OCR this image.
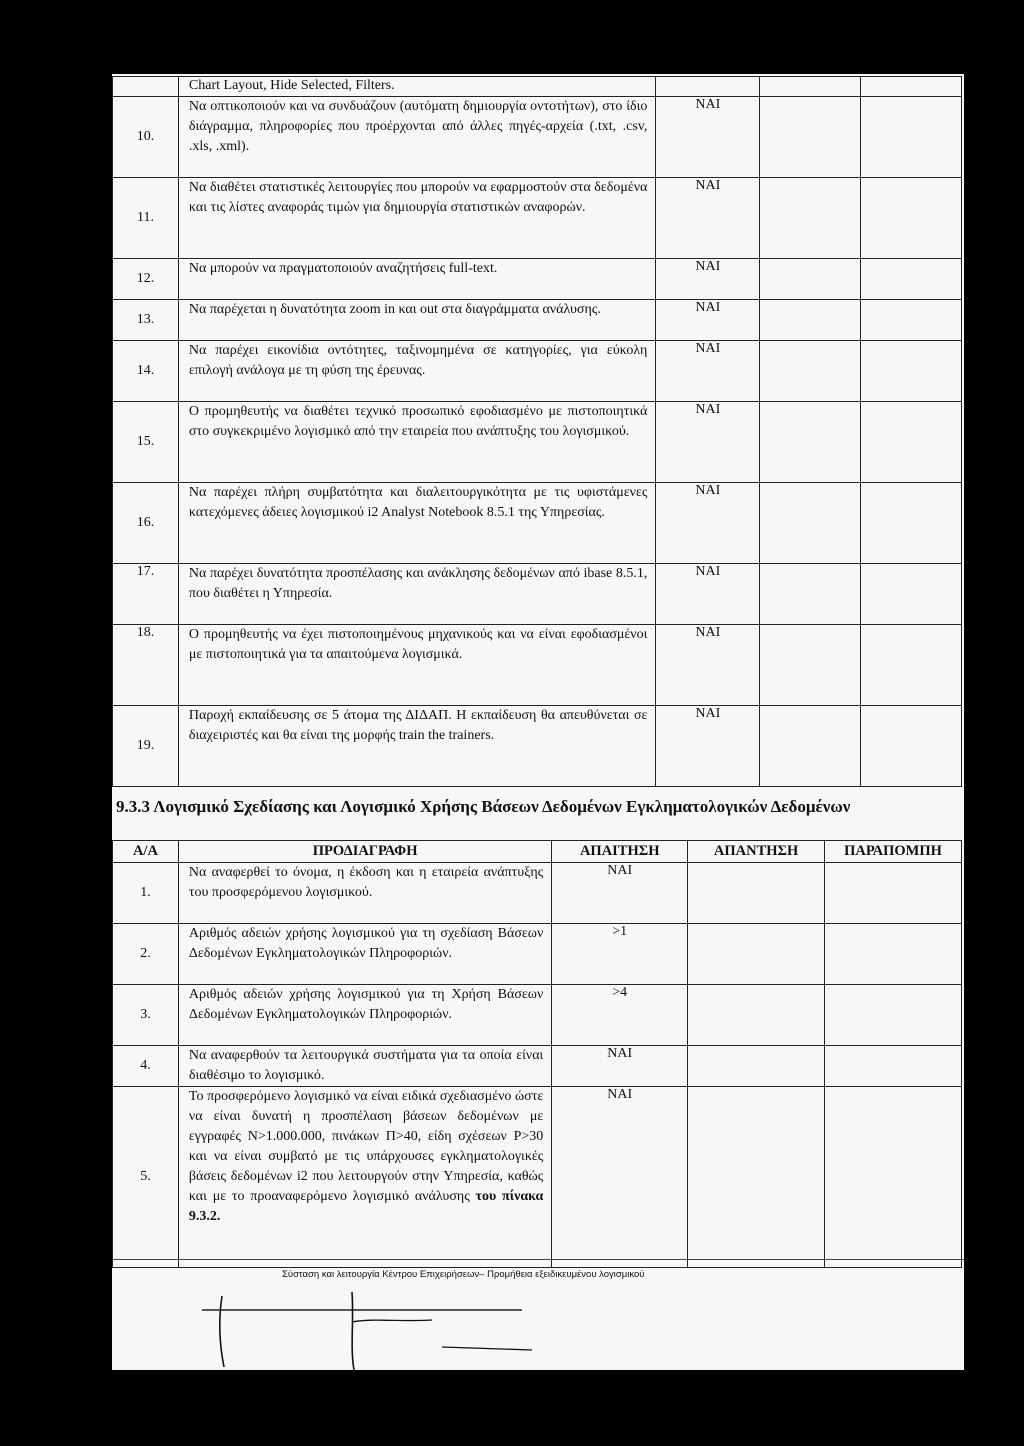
	Chart Layout, Hide Selected, Filters.			
10.	Να οπτικοποιούν και να συνδυάζουν (αυτόματη δημιουργία οντοτήτων), στο ίδιο διάγραμμα, πληροφορίες που προέρχονται από άλλες πηγές-αρχεία (.txt, .csv, .xls, .xml).	ΝΑΙ		
11.	Να διαθέτει στατιστικές λειτουργίες που μπορούν να εφαρμοστούν στα δεδομένα και τις λίστες αναφοράς τιμών για δημιουργία στατιστικών αναφορών.	ΝΑΙ		
12.	Να μπορούν να πραγματοποιούν αναζητήσεις full-text.	ΝΑΙ		
13.	Να παρέχεται η δυνατότητα zoom in και out στα διαγράμματα ανάλυσης.	ΝΑΙ		
14.	Να παρέχει εικονίδια οντότητες, ταξινομημένα σε κατηγορίες, για εύκολη επιλογή ανάλογα με τη φύση της έρευνας.	ΝΑΙ		
15.	Ο προμηθευτής να διαθέτει τεχνικό προσωπικό εφοδιασμένο με πιστοποιητικά στο συγκεκριμένο λογισμικό από την εταιρεία που ανάπτυξης του λογισμικού.	ΝΑΙ		
16.	Να παρέχει πλήρη συμβατότητα και διαλειτουργικότητα με τις υφιστάμενες κατεχόμενες άδειες λογισμικού i2 Analyst Notebook 8.5.1 της Υπηρεσίας.	ΝΑΙ		
17.	Να παρέχει δυνατότητα προσπέλασης και ανάκλησης δεδομένων από ibase 8.5.1, που διαθέτει η Υπηρεσία.	ΝΑΙ		
18.	Ο προμηθευτής να έχει πιστοποιημένους μηχανικούς και να είναι εφοδιασμένοι με πιστοποιητικά για τα απαιτούμενα λογισμικά.	ΝΑΙ		
19.	Παροχή εκπαίδευσης σε 5 άτομα της ΔΙΔΑΠ. Η εκπαίδευση θα απευθύνεται σε διαχειριστές και θα είναι της μορφής train the trainers.	ΝΑΙ		
9.3.3 Λογισμικό Σχεδίασης και Λογισμικό Χρήσης Βάσεων Δεδομένων Εγκληματολογικών Δεδομένων
Α/Α	ΠΡΟΔΙΑΓΡΑΦΗ	ΑΠΑΙΤΗΣΗ	ΑΠΑΝΤΗΣΗ	ΠΑΡΑΠΟΜΠΗ
1.	Να αναφερθεί το όνομα, η έκδοση και η εταιρεία ανάπτυξης του προσφερόμενου λογισμικού.	ΝΑΙ		
2.	Αριθμός αδειών χρήσης λογισμικού για τη σχεδίαση Βάσεων Δεδομένων Εγκληματολογικών Πληροφοριών.	>1		
3.	Αριθμός αδειών χρήσης λογισμικού για τη Χρήση Βάσεων Δεδομένων Εγκληματολογικών Πληροφοριών.	>4		
4.	Να αναφερθούν τα λειτουργικά συστήματα για τα οποία είναι διαθέσιμο το λογισμικό.	ΝΑΙ		
5.	Το προσφερόμενο λογισμικό να είναι ειδικά σχεδιασμένο ώστε να είναι δυνατή η προσπέλαση βάσεων δεδομένων με εγγραφές Ν>1.000.000, πινάκων Π>40, είδη σχέσεων Ρ>30 και να είναι συμβατό με τις υπάρχουσες εγκληματολογικές βάσεις δεδομένων i2 που λειτουργούν στην Υπηρεσία, καθώς και με το προαναφερόμενο λογισμικό ανάλυσης του πίνακα 9.3.2.	ΝΑΙ		
Σύσταση και λειτουργία Κέντρου Επιχειρήσεων– Προμήθεια εξειδικευμένου λογισμικού
